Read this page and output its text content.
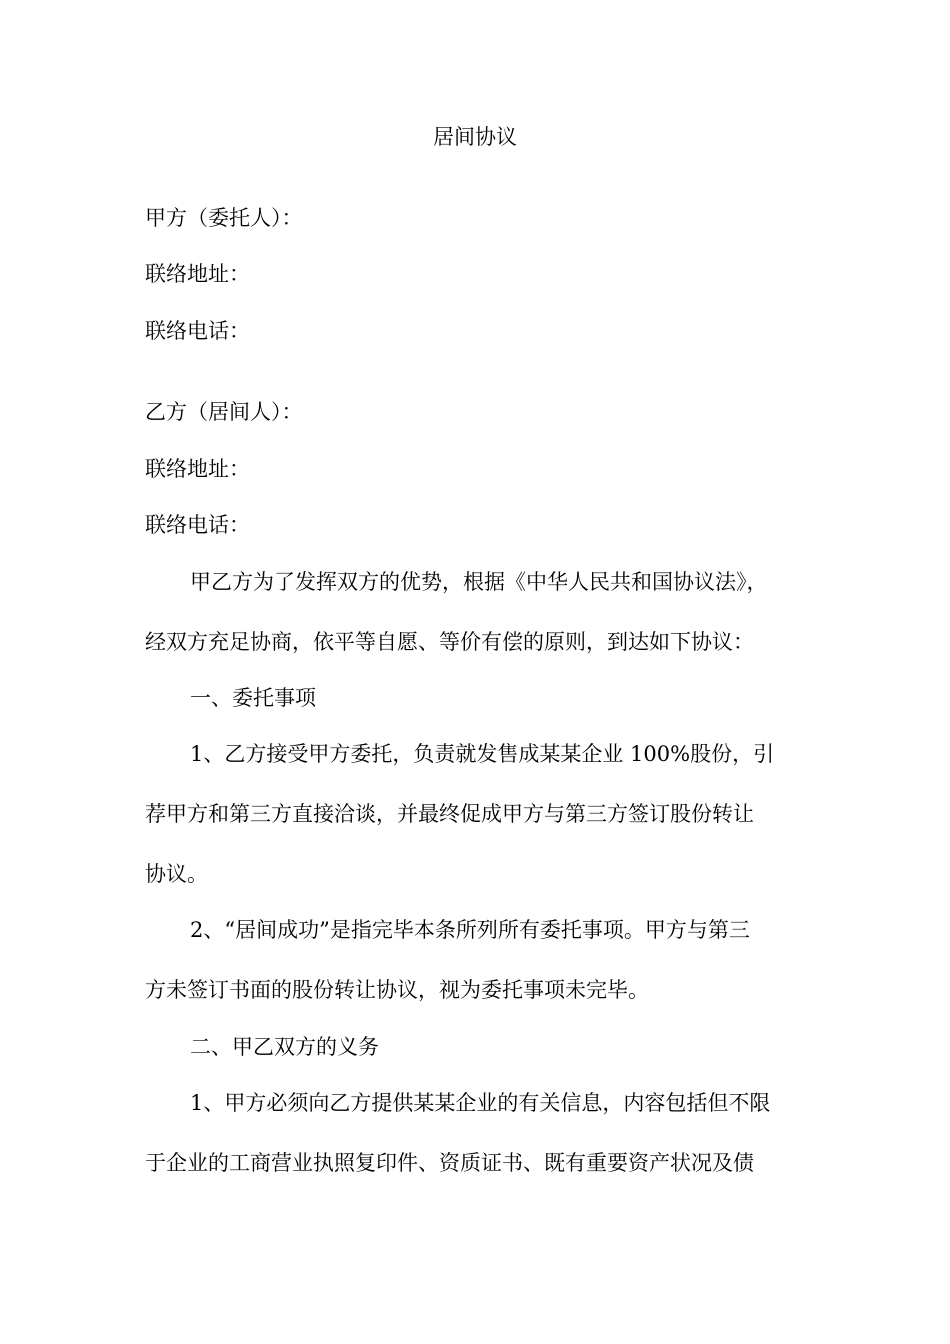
居间协议
甲方（委托人）：
联络地址：
联络电话：
乙方（居间人）：
联络地址：
联络电话：
甲乙方为了发挥双方的优势，根据《中华人民共和国协议法》，
经双方充足协商，依平等自愿、等价有偿的原则，到达如下协议：
一、委托事项
1、乙方接受甲方委托，负责就发售成某某企业 100%股份，引
荐甲方和第三方直接洽谈，并最终促成甲方与第三方签订股份转让
协议。
2、“居间成功”是指完毕本条所列所有委托事项。甲方与第三
方未签订书面的股份转让协议，视为委托事项未完毕。
二、甲乙双方的义务
1、甲方必须向乙方提供某某企业的有关信息，内容包括但不限
于企业的工商营业执照复印件、资质证书、既有重要资产状况及债
